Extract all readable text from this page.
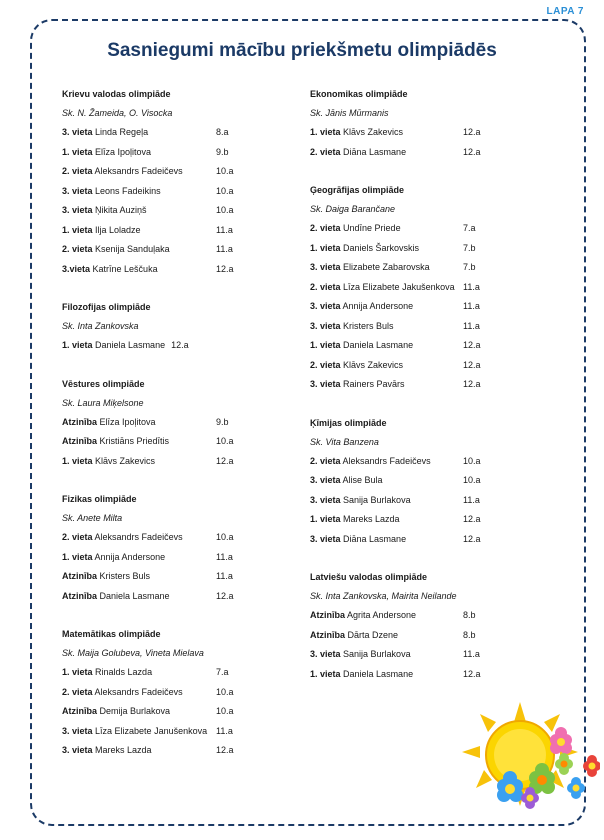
LAPA 7
Sasniegumi mācību priekšmetu olimpiādēs
Krievu valodas olimpiāde
Sk. N. Žameida, O. Visocka
3. vieta Linda Regeļa	8.a
1. vieta Elīza Ipoļitova	9.b
2. vieta Aleksandrs Fadeičevs	10.a
3. vieta Leons Fadeikins	10.a
3. vieta Ņikita Auziņš	10.a
1. vieta Ilja Loladze	11.a
2. vieta Ksenija Sanduļaka	11.a
3.vieta Katrīne Leščuka	12.a
Filozofijas olimpiāde
Sk. Inta Zankovska
1. vieta Daniela Lasmane 12.a
Vēstures olimpiāde
Sk. Laura Miķelsone
Atzinība Elīza Ipoļitova	9.b
Atzinība Kristiāns Priedītis	10.a
1. vieta Klāvs Zakevics	12.a
Fizikas olimpiāde
Sk. Anete Milta
2. vieta Aleksandrs Fadeičevs	10.a
1. vieta Annija Andersone	11.a
Atzinība Kristers Buls	11.a
Atzinība Daniela Lasmane	12.a
Matemātikas olimpiāde
Sk. Maija Golubeva, Vineta Mielava
1. vieta Rinalds Lazda	7.a
2. vieta Aleksandrs Fadeičevs	10.a
Atzinība Demija Burlakova	10.a
3. vieta Līza Elizabete Janušenkova 11.a
3. vieta Mareks Lazda	12.a
Ekonomikas olimpiāde
Sk. Jānis Mūrmanis
1. vieta Klāvs Zakevics	12.a
2. vieta Diāna Lasmane	12.a
Ģeogrāfijas olimpiāde
Sk. Daiga Barančane
2. vieta Undīne Priede	7.a
1. vieta Daniels Šarkovskis	7.b
3. vieta Elizabete Zabarovska	7.b
2. vieta Līza Elizabete Jakušenkova 11.a
3. vieta Annija Andersone	11.a
3. vieta Kristers Buls	11.a
1. vieta Daniela Lasmane	12.a
2. vieta Klāvs Zakevics	12.a
3. vieta Rainers Pavārs	12.a
Ķīmijas olimpiāde
Sk. Vita Banzena
2. vieta Aleksandrs Fadeičevs	10.a
3. vieta Alise Bula	10.a
3. vieta Sanija Burlakova	11.a
1. vieta Mareks Lazda	12.a
3. vieta Diāna Lasmane	12.a
Latviešu valodas olimpiāde
Sk. Inta Zankovska, Mairita Neilande
Atzinība Agrita Andersone	8.b
Atzinība Dārta Dzene	8.b
3. vieta Sanija Burlakova	11.a
1. vieta Daniela Lasmane	12.a
